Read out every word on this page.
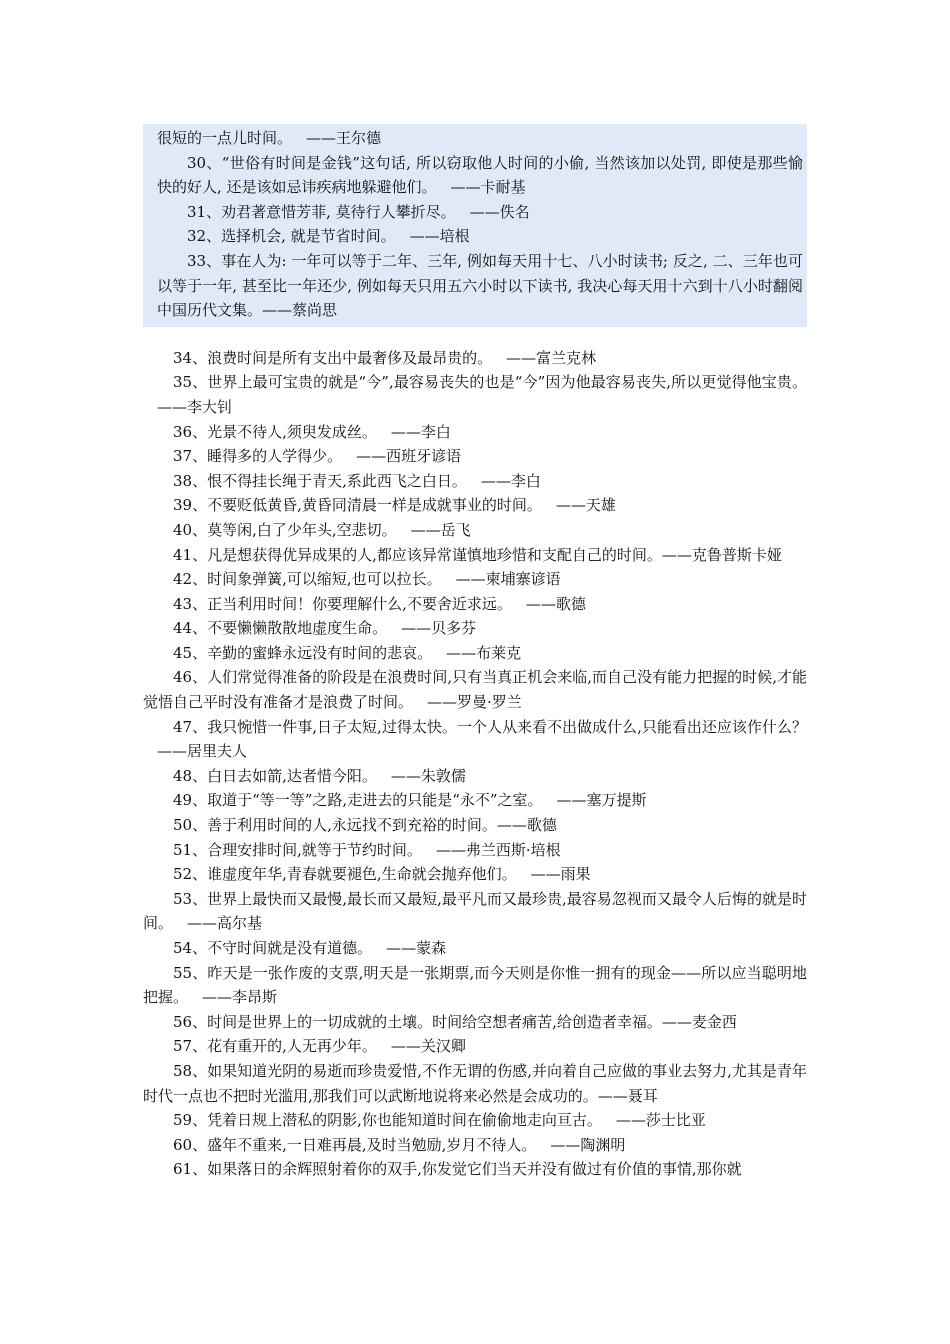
很短的一点儿时间。 ——王尔德

30、“世俗有时间是金钱”这句话, 所以窃取他人时间的小偷, 当然该加以处罚, 即使是那些愉快的好人, 还是该如忌讳疾病地躲避他们。 ——卡耐基

31、劝君著意惜芳菲, 莫待行人攀折尽。 ——佚名

32、选择机会, 就是节省时间。 ——培根

33、事在人为: 一年可以等于二年、三年, 例如每天用十七、八小时读书; 反之, 二、三年也可以等于一年, 甚至比一年还少, 例如每天只用五六小时以下读书, 我决心每天用十六到十八小时翻阅中国历代文集。——蔡尚思

34、浪费时间是所有支出中最奢侈及最昂贵的。 ——富兰克林

35、世界上最可宝贵的就是“今”,最容易丧失的也是“今”因为他最容易丧失,所以更觉得他宝贵。——李大钊

36、光景不待人,须臾发成丝。 ——李白

37、睡得多的人学得少。 ——西班牙谚语

38、恨不得挂长绳于青天,系此西飞之白日。 ——李白

39、不要贬低黄昏,黄昏同清晨一样是成就事业的时间。 ——天雄

40、莫等闲,白了少年头,空悲切。 ——岳飞

41、凡是想获得优异成果的人,都应该异常谨慎地珍惜和支配自己的时间。——克鲁普斯卡娅

42、时间象弹簧,可以缩短,也可以拉长。 ——柬埔寨谚语

43、正当利用时间！你要理解什么,不要舍近求远。 ——歌德

44、不要懒懒散散地虚度生命。 ——贝多芬

45、辛勤的蜜蜂永远没有时间的悲哀。 ——布莱克

46、人们常觉得准备的阶段是在浪费时间,只有当真正机会来临,而自己没有能力把握的时候,才能觉悟自己平时没有准备才是浪费了时间。 ——罗曼·罗兰

47、我只惋惜一件事,日子太短,过得太快。一个人从来看不出做成什么,只能看出还应该作什么？——居里夫人

48、白日去如箭,达者惜今阳。 ——朱敦儒

49、取道于“等一等”之路,走进去的只能是“永不”之室。 ——塞万提斯

50、善于利用时间的人,永远找不到充裕的时间。——歌德

51、合理安排时间,就等于节约时间。 ——弗兰西斯·培根

52、谁虚度年华,青春就要褪色,生命就会抛弃他们。 ——雨果

53、世界上最快而又最慢,最长而又最短,最平凡而又最珍贵,最容易忽视而又最令人后悔的就是时间。 ——高尔基

54、不守时间就是没有道德。 ——蒙森

55、昨天是一张作废的支票,明天是一张期票,而今天则是你惟一拥有的现金——所以应当聪明地把握。 ——李昂斯

56、时间是世界上的一切成就的土壤。时间给空想者痛苦,给创造者幸福。——麦金西

57、花有重开的,人无再少年。 ——关汉卿

58、如果知道光阴的易逝而珍贵爱惜,不作无谓的伤感,并向着自己应做的事业去努力,尤其是青年时代一点也不把时光滥用,那我们可以武断地说将来必然是会成功的。——聂耳

59、凭着日规上潜私的阴影,你也能知道时间在偷偷地走向亘古。 ——莎士比亚

60、盛年不重来,一日难再晨,及时当勉励,岁月不待人。 ——陶渊明

61、如果落日的余辉照射着你的双手,你发觉它们当天并没有做过有价值的事情,那你就
